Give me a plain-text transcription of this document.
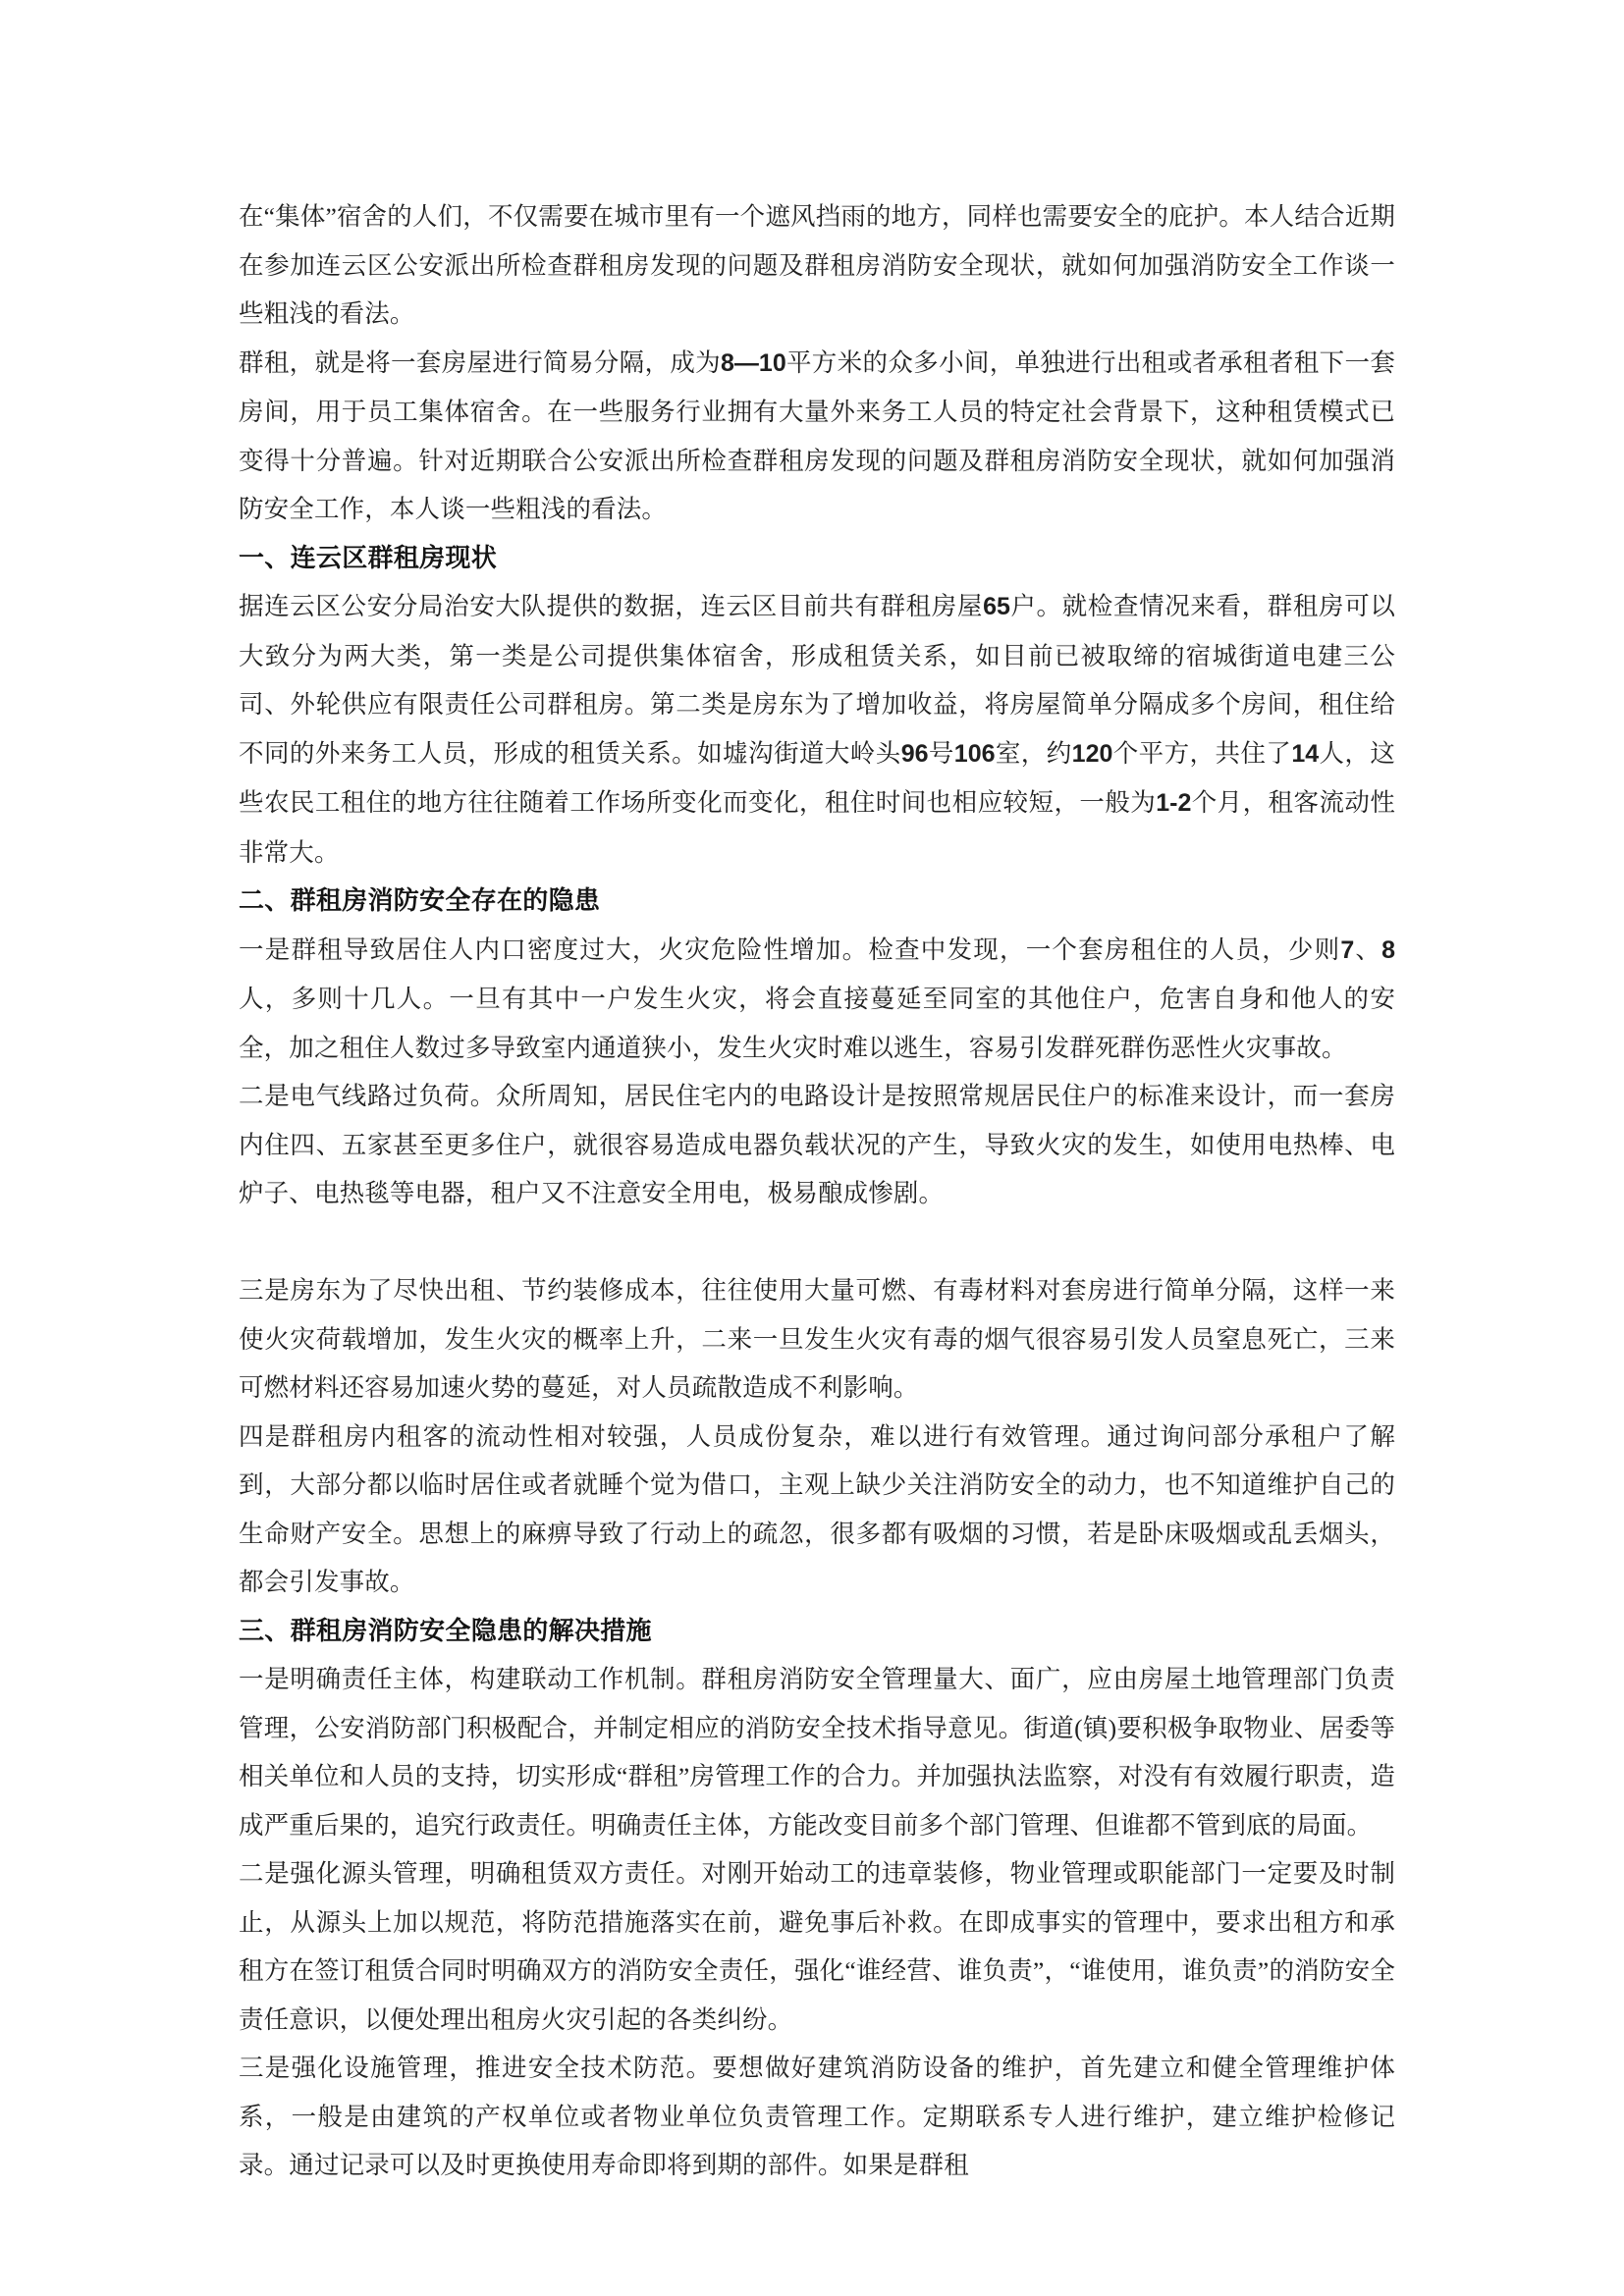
在“集体”宿舍的人们，不仅需要在城市里有一个遮风挡雨的地方，同样也需要安全的庇护。本人结合近期在参加连云区公安派出所检查群租房发现的问题及群租房消防安全现状，就如何加强消防安全工作谈一些粗浅的看法。

群租，就是将一套房屋进行简易分隔，成为8—10平方米的众多小间，单独进行出租或者承租者租下一套房间，用于员工集体宿舍。在一些服务行业拥有大量外来务工人员的特定社会背景下，这种租赁模式已变得十分普遍。针对近期联合公安派出所检查群租房发现的问题及群租房消防安全现状，就如何加强消防安全工作，本人谈一些粗浅的看法。

一、连云区群租房现状

据连云区公安分局治安大队提供的数据，连云区目前共有群租房屋65户。就检查情况来看，群租房可以大致分为两大类，第一类是公司提供集体宿舍，形成租赁关系，如目前已被取缔的宿城街道电建三公司、外轮供应有限责任公司群租房。第二类是房东为了增加收益，将房屋简单分隔成多个房间，租住给不同的外来务工人员，形成的租赁关系。如墟沟街道大岭头96号106室，约120个平方，共住了14人，这些农民工租住的地方往往随着工作场所变化而变化，租住时间也相应较短，一般为1-2个月，租客流动性非常大。

二、群租房消防安全存在的隐患

一是群租导致居住人内口密度过大，火灾危险性增加。检查中发现，一个套房租住的人员，少则7、8人，多则十几人。一旦有其中一户发生火灾，将会直接蔓延至同室的其他住户，危害自身和他人的安全，加之租住人数过多导致室内通道狭小，发生火灾时难以逃生，容易引发群死群伤恶性火灾事故。

二是电气线路过负荷。众所周知，居民住宅内的电路设计是按照常规居民住户的标准来设计，而一套房内住四、五家甚至更多住户，就很容易造成电器负载状况的产生，导致火灾的发生，如使用电热棒、电炉子、电热毯等电器，租户又不注意安全用电，极易酿成惨剧。

三是房东为了尽快出租、节约装修成本，往往使用大量可燃、有毒材料对套房进行简单分隔，这样一来使火灾荷载增加，发生火灾的概率上升，二来一旦发生火灾有毒的烟气很容易引发人员窒息死亡，三来可燃材料还容易加速火势的蔓延，对人员疏散造成不利影响。

四是群租房内租客的流动性相对较强，人员成份复杂，难以进行有效管理。通过询问部分承租户了解到，大部分都以临时居住或者就睡个觉为借口，主观上缺少关注消防安全的动力，也不知道维护自己的生命财产安全。思想上的麻痹导致了行动上的疏忽，很多都有吸烟的习惯，若是卧床吸烟或乱丢烟头，都会引发事故。

三、群租房消防安全隐患的解决措施

一是明确责任主体，构建联动工作机制。群租房消防安全管理量大、面广，应由房屋土地管理部门负责管理，公安消防部门积极配合，并制定相应的消防安全技术指导意见。街道(镇)要积极争取物业、居委等相关单位和人员的支持，切实形成“群租”房管理工作的合力。并加强执法监察，对没有有效履行职责，造成严重后果的，追究行政责任。明确责任主体，方能改变目前多个部门管理、但谁都不管到底的局面。

二是强化源头管理，明确租赁双方责任。对刚开始动工的违章装修，物业管理或职能部门一定要及时制止，从源头上加以规范，将防范措施落实在前，避免事后补救。在即成事实的管理中，要求出租方和承租方在签订租赁合同时明确双方的消防安全责任，强化“谁经营、谁负责”，“谁使用，谁负责”的消防安全责任意识，以便处理出租房火灾引起的各类纠纷。

三是强化设施管理，推进安全技术防范。要想做好建筑消防设备的维护，首先建立和健全管理维护体系，一般是由建筑的产权单位或者物业单位负责管理工作。定期联系专人进行维护，建立维护检修记录。通过记录可以及时更换使用寿命即将到期的部件。如果是群租
